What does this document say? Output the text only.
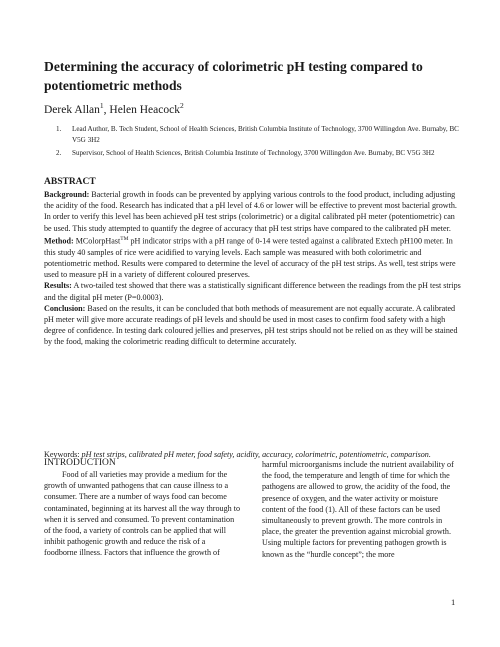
Determining the accuracy of colorimetric pH testing compared to potentiometric methods
Derek Allan$^1$, Helen Heacock$^2$
1.	Lead Author, B. Tech Student, School of Health Sciences, British Columbia Institute of Technology, 3700 Willingdon Ave. Burnaby, BC V5G 3H2
2.	Supervisor, School of Health Sciences, British Columbia Institute of Technology, 3700 Willingdon Ave. Burnaby, BC V5G 3H2
ABSTRACT

Background: Bacterial growth in foods can be prevented by applying various controls to the food product, including adjusting the acidity of the food. Research has indicated that a pH level of 4.6 or lower will be effective to prevent most bacterial growth. In order to verify this level has been achieved pH test strips (colorimetric) or a digital calibrated pH meter (potentiometric) can be used. This study attempted to quantify the degree of accuracy that pH test strips have compared to the calibrated pH meter.

Method: MColorpHast™ pH indicator strips with a pH range of 0-14 were tested against a calibrated Extech pH100 meter. In this study 40 samples of rice were acidified to varying levels. Each sample was measured with both colorimetric and potentiometric method. Results were compared to determine the level of accuracy of the pH test strips. As well, test strips were used to measure pH in a variety of different coloured preserves.

Results: A two-tailed test showed that there was a statistically significant difference between the readings from the pH test strips and the digital pH meter (P=0.0003).

Conclusion: Based on the results, it can be concluded that both methods of measurement are not equally accurate. A calibrated pH meter will give more accurate readings of pH levels and should be used in most cases to confirm food safety with a high degree of confidence. In testing dark coloured jellies and preserves, pH test strips should not be relied on as they will be stained by the food, making the colorimetric reading difficult to determine accurately.

Keywords: pH test strips, calibrated pH meter, food safety, acidity, accuracy, colorimetric, potentiometric, comparison.
INTRODUCTION

Food of all varieties may provide a medium for the growth of unwanted pathogens that can cause illness to a consumer. There are a number of ways food can become contaminated, beginning at its harvest all the way through to when it is served and consumed. To prevent contamination of the food, a variety of controls can be applied that will inhibit pathogenic growth and reduce the risk of a foodborne illness. Factors that influence the growth of

harmful microorganisms include the nutrient availability of the food, the temperature and length of time for which the pathogens are allowed to grow, the acidity of the food, the presence of oxygen, and the water activity or moisture content of the food (1). All of these factors can be used simultaneously to prevent growth. The more controls in place, the greater the prevention against microbial growth. Using multiple factors for preventing pathogen growth is known as the “hurdle concept”; the more

1
